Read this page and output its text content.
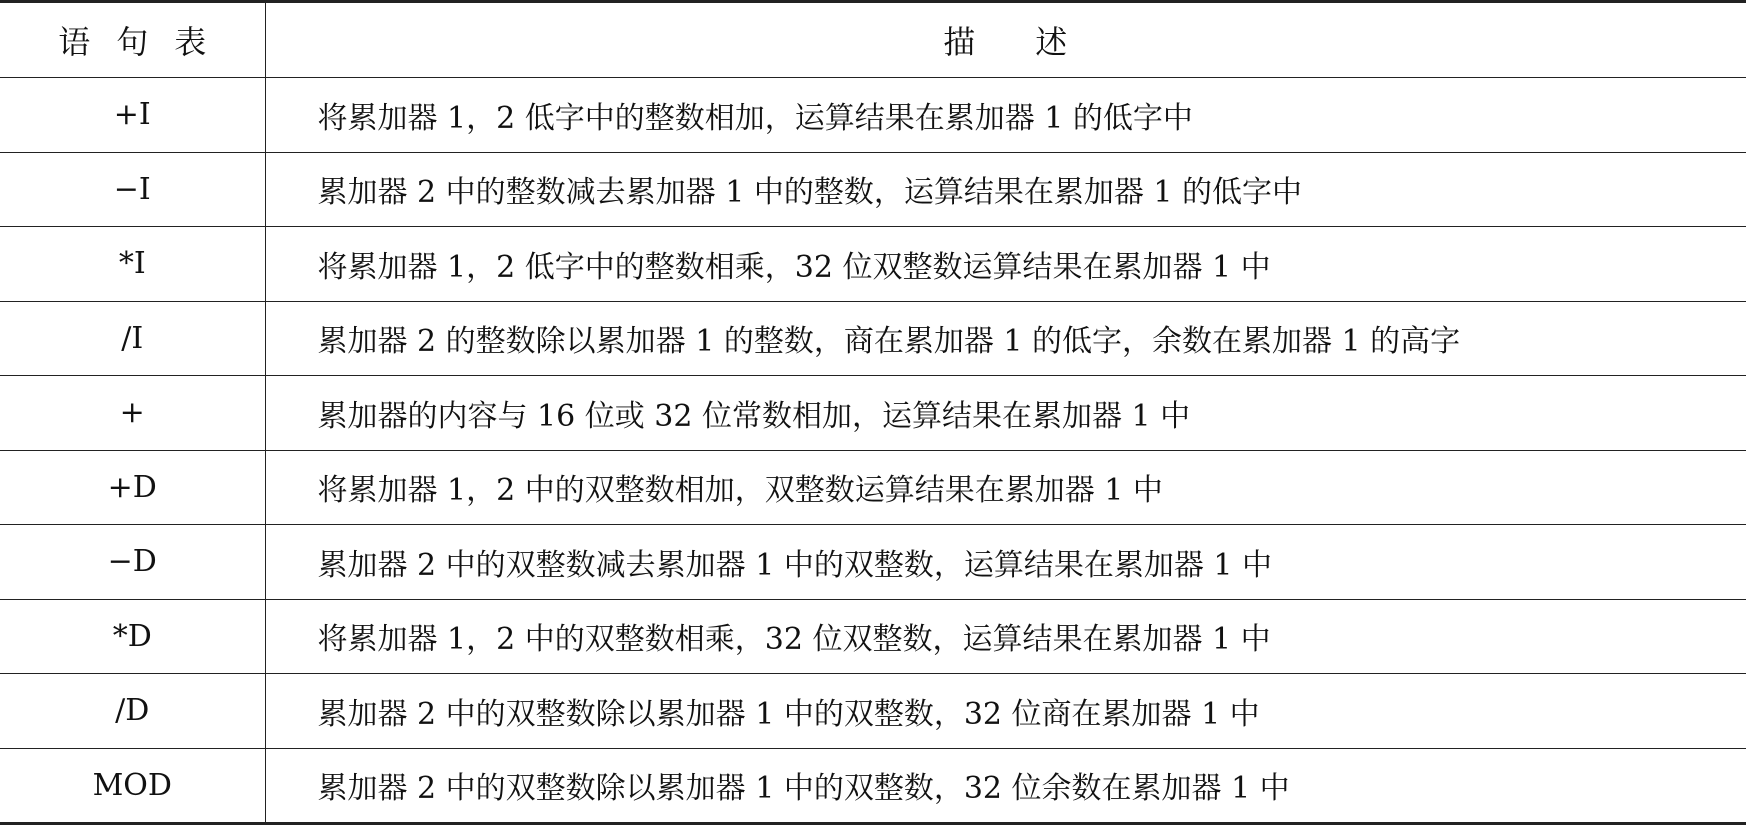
语句表	描述
+I	将累加器 1，2 低字中的整数相加，运算结果在累加器 1 的低字中
−I	累加器 2 中的整数减去累加器 1 中的整数，运算结果在累加器 1 的低字中
*I	将累加器 1，2 低字中的整数相乘，32 位双整数运算结果在累加器 1 中
/I	累加器 2 的整数除以累加器 1 的整数，商在累加器 1 的低字，余数在累加器 1 的高字
+	累加器的内容与 16 位或 32 位常数相加，运算结果在累加器 1 中
+D	将累加器 1，2 中的双整数相加，双整数运算结果在累加器 1 中
−D	累加器 2 中的双整数减去累加器 1 中的双整数，运算结果在累加器 1 中
*D	将累加器 1，2 中的双整数相乘，32 位双整数，运算结果在累加器 1 中
/D	累加器 2 中的双整数除以累加器 1 中的双整数，32 位商在累加器 1 中
MOD	累加器 2 中的双整数除以累加器 1 中的双整数，32 位余数在累加器 1 中
